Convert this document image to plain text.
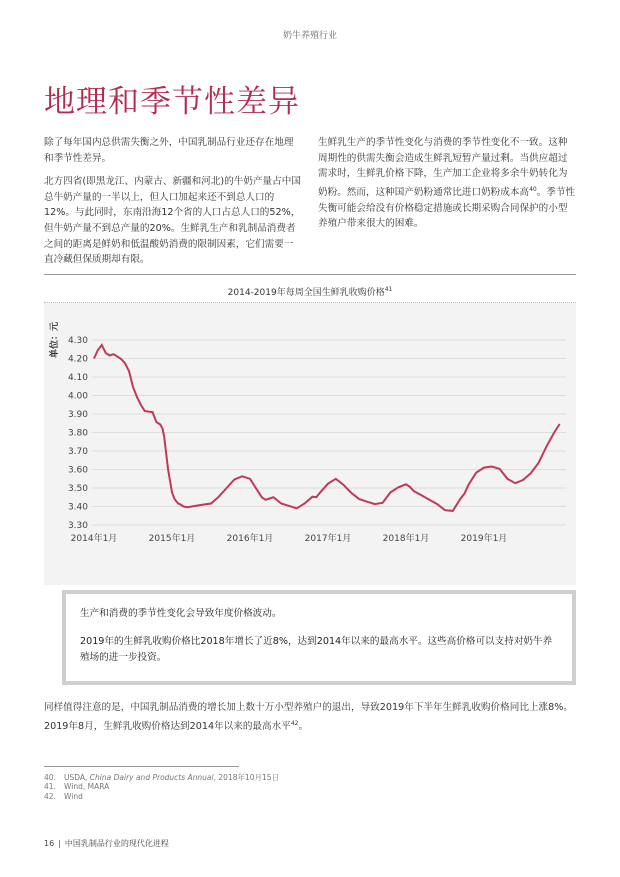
奶牛养殖行业
地理和季节性差异

除了每年国内总供需失衡之外，中国乳制品行业还存在地理和季节性差异。

北方四省(即黑龙江、内蒙古、新疆和河北)的牛奶产量占中国总牛奶产量的一半以上，但人口加起来还不到总人口的12%。与此同时，东南沿海12个省的人口占总人口的52%，但牛奶产量不到总产量的20%。生鲜乳生产和乳制品消费者之间的距离是鲜奶和低温酸奶消费的限制因素，它们需要一直冷藏但保质期却有限。

生鲜乳生产的季节性变化与消费的季节性变化不一致。这种周期性的供需失衡会造成生鲜乳短暂产量过剩。当供应超过需求时，生鲜乳价格下降，生产加工企业将多余牛奶转化为奶粉。然而，这种国产奶粉通常比进口奶粉成本高$^{40}$。季节性失衡可能会给没有价格稳定措施或长期采购合同保护的小型养殖户带来很大的困难。

2014-2019年每周全国生鲜乳收购价格$^{41}$
4.30
4.20
4.10
4.00
3.90
3.80
3.70
3.60
3.50
3.40
3.30
2014年1月	2015年1月	2016年1月	2017年1月	2018年1月	2019年1月
单位：元

生产和消费的季节性变化会导致年度价格波动。

2019年的生鲜乳收购价格比2018年增长了近8%，达到2014年以来的最高水平。这些高价格可以支持对奶牛养殖场的进一步投资。

同样值得注意的是，中国乳制品消费的增长加上数十万小型养殖户的退出，导致2019年下半年生鲜乳收购价格同比上涨8%。2019年8月，生鲜乳收购价格达到2014年以来的最高水平$^{42}$。
40. USDA, China Dairy and Products Annual, 2018年10月15日
41. Wind, MARA
42. Wind
16 | 中国乳制品行业的现代化进程
